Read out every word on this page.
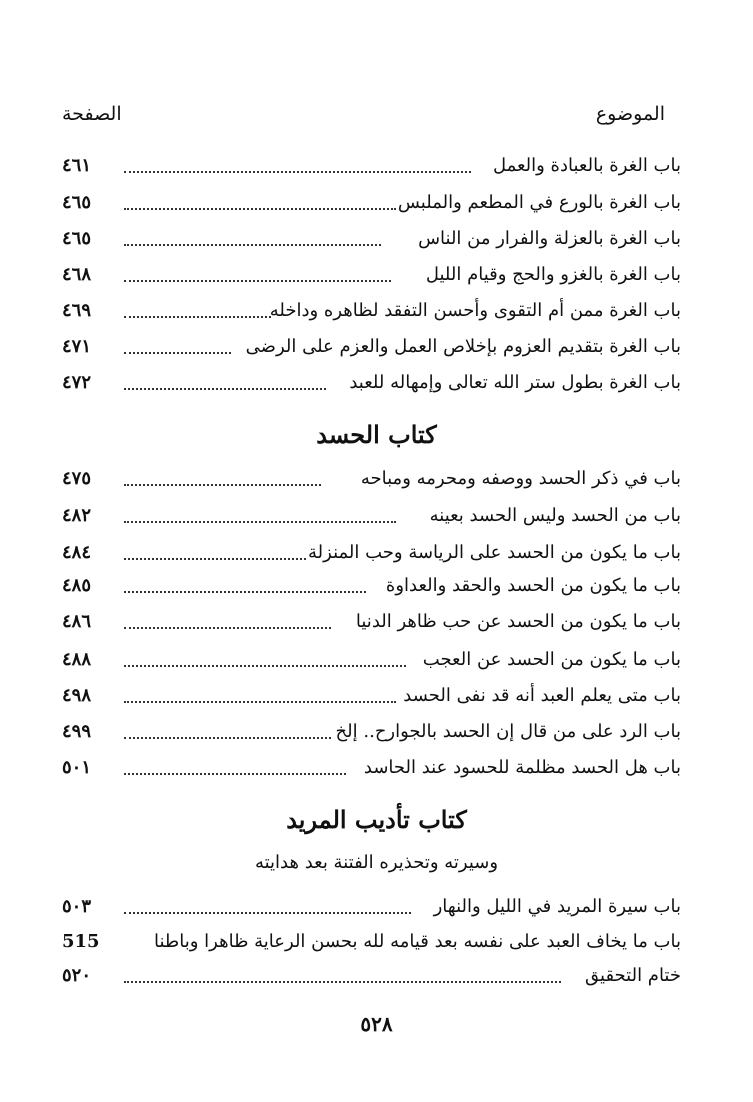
الموضوع
الصفحة
باب الغرة بالعبادة والعمل
٤٦١
باب الغرة بالورع في المطعم والملبس
٤٦٥
باب الغرة بالعزلة والفرار من الناس
٤٦٥
باب الغرة بالغزو والحج وقيام الليل
٤٦٨
باب الغرة ممن أم التقوى وأحسن التفقد لظاهره وداخله
٤٦٩
باب الغرة بتقديم العزوم بإخلاص العمل والعزم على الرضى
٤٧١
باب الغرة بطول ستر الله تعالى وإمهاله للعبد
٤٧٢
كتاب الحسد
باب في ذكر الحسد ووصفه ومحرمه ومباحه
٤٧٥
باب من الحسد وليس الحسد بعينه
٤٨٢
باب ما يكون من الحسد على الرياسة وحب المنزلة
٤٨٤
باب ما يكون من الحسد والحقد والعداوة
٤٨٥
باب ما يكون من الحسد عن حب ظاهر الدنيا
٤٨٦
باب ما يكون من الحسد عن العجب
٤٨٨
باب متى يعلم العبد أنه قد نفى الحسد
٤٩٨
باب الرد على من قال إن الحسد بالجوارح.. إلخ
٤٩٩
باب هل الحسد مظلمة للحسود عند الحاسد
٥٠١
كتاب تأديب المريد
وسيرته وتحذيره الفتنة بعد هدايته
باب سيرة المريد في الليل والنهار
٥٠٣
باب ما يخاف العبد على نفسه بعد قيامه لله بحسن الرعاية ظاهرا وباطنا
515
ختام التحقيق
٥٢٠
٥٢٨
